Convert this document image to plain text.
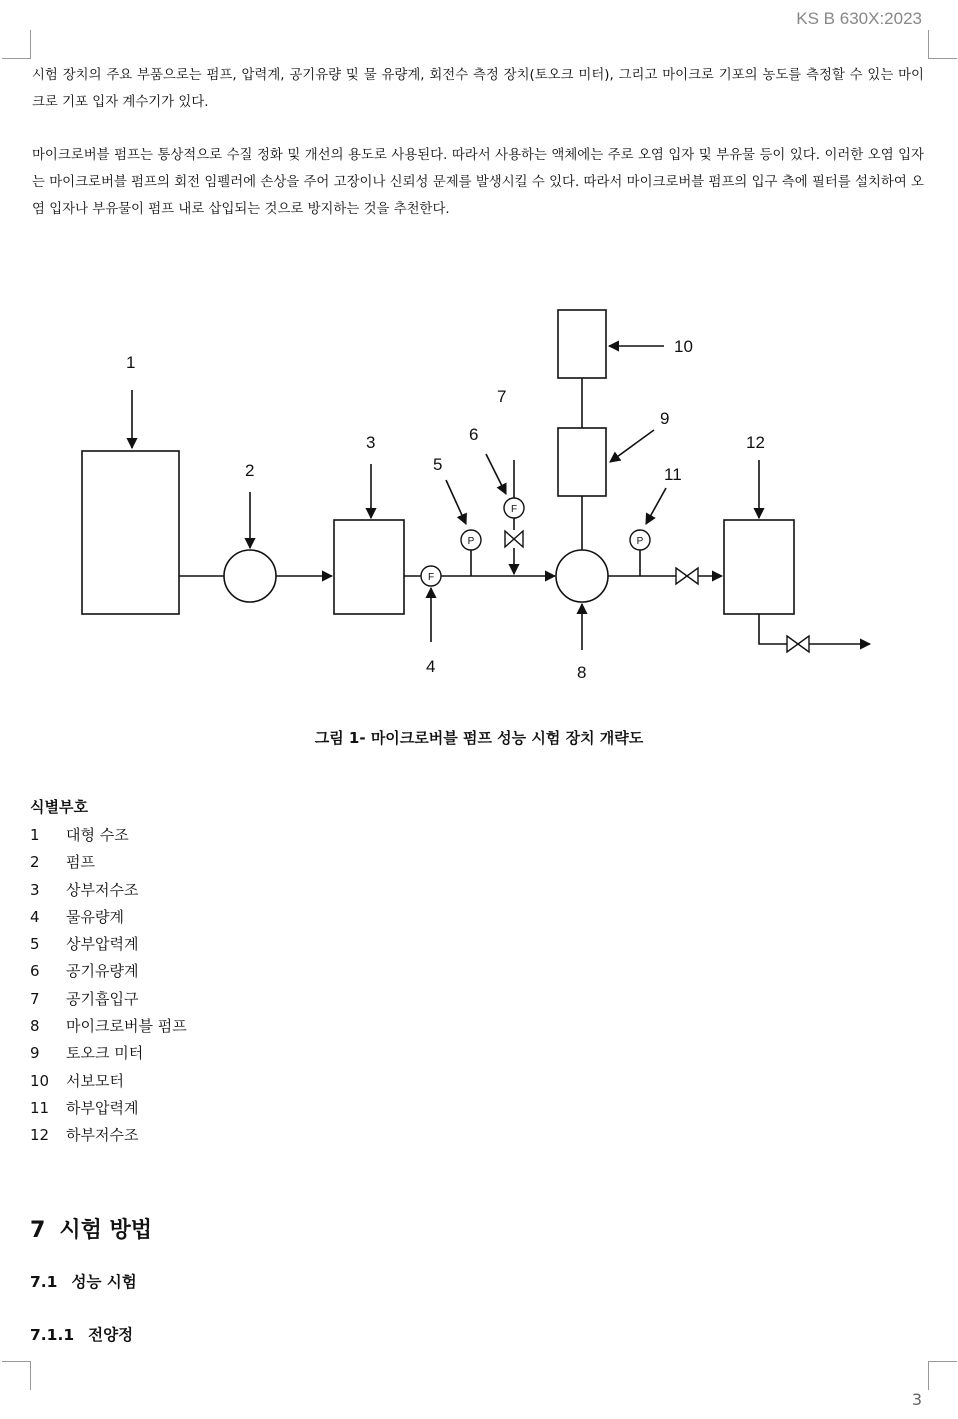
KS B 630X:2023

시험 장치의 주요 부품으로는 펌프, 압력계, 공기유량 및 물 유량계, 회전수 측정 장치(토오크 미터), 그리고 마이크로 기포의 농도를 측정할 수 있는 마이크로 기포 입자 계수기가 있다.

마이크로버블 펌프는 통상적으로 수질 정화 및 개선의 용도로 사용된다. 따라서 사용하는 액체에는 주로 오염 입자 및 부유물 등이 있다. 이러한 오염 입자는 마이크로버블 펌프의 회전 임펠러에 손상을 주어 고장이나 신뢰성 문제를 발생시킬 수 있다. 따라서 마이크로버블 펌프의 입구 측에 필터를 설치하여 오염 입자나 부유물이 펌프 내로 삽입되는 것으로 방지하는 것을 추천한다.

F
P
F
P
1
2
3
4
5
6
7
8
9
10
11
12
그림 1- 마이크로버블 펌프 성능 시험 장치 개략도
식별부호
1 대형 수조
2 펌프
3 상부저수조
4 물유량계
5 상부압력계
6 공기유량계
7 공기흡입구
8 마이크로버블 펌프
9 토오크 미터
10 서보모터
11 하부압력계
12 하부저수조
7 시험 방법
7.1 성능 시험
7.1.1 전양정
3
